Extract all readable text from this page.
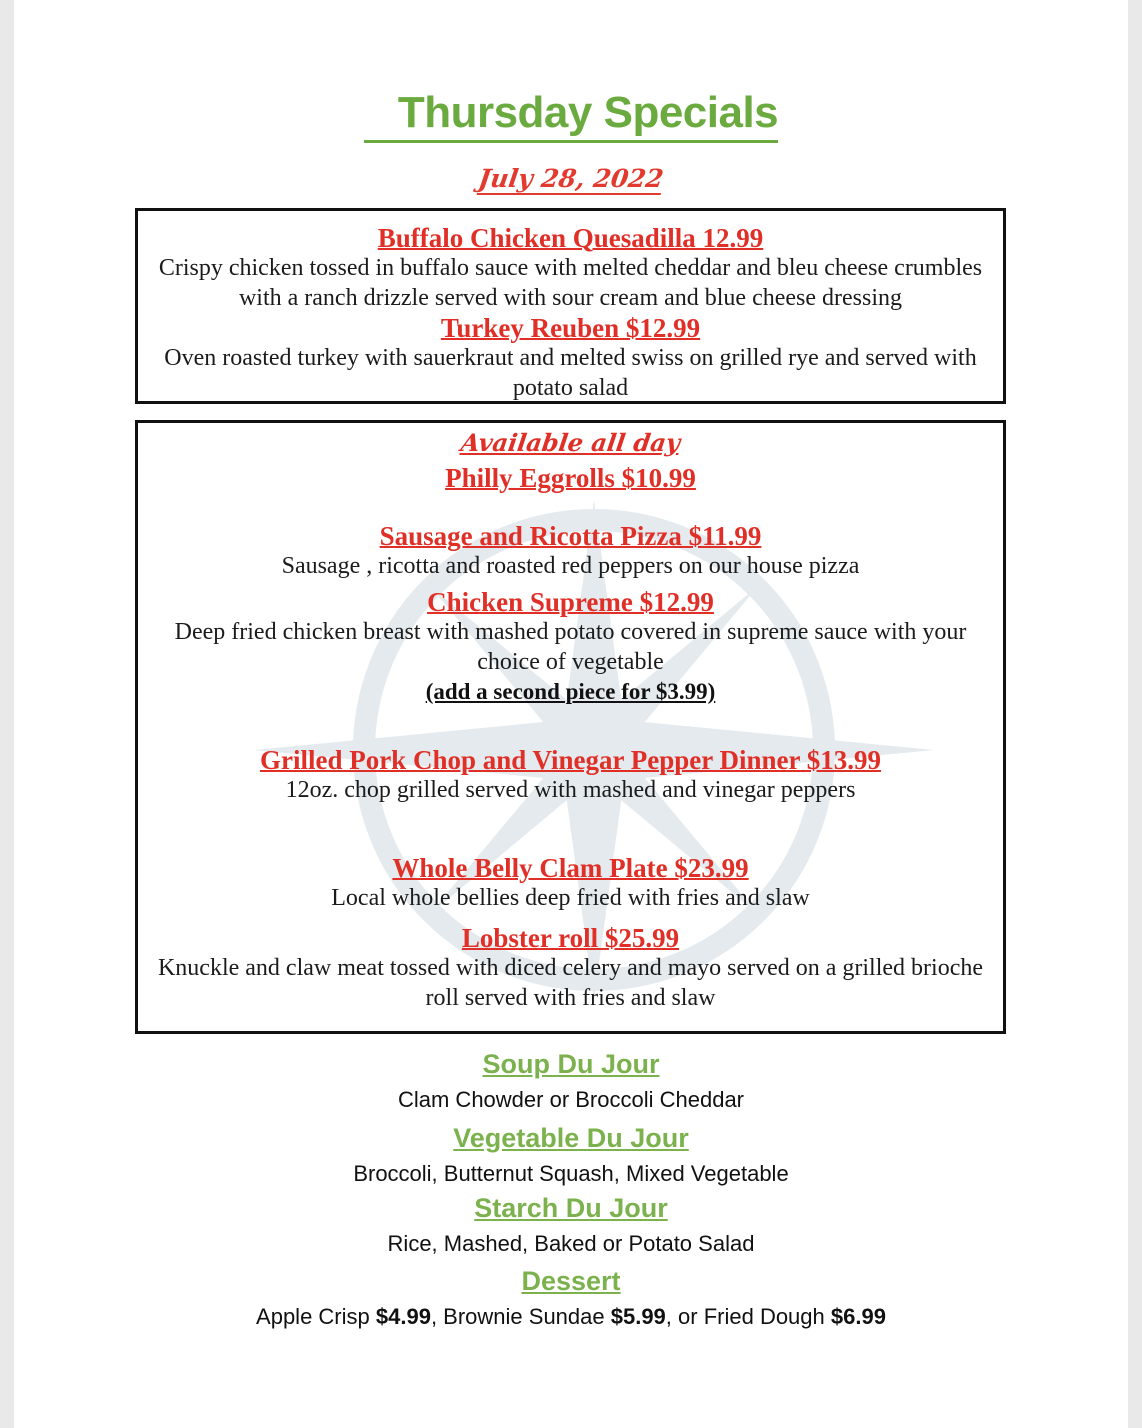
Thursday Specials
July 28, 2022
Buffalo Chicken Quesadilla 12.99
Crispy chicken tossed in buffalo sauce with melted cheddar and bleu cheese crumbles with a ranch drizzle served with sour cream and blue cheese dressing
Turkey Reuben $12.99
Oven roasted turkey with sauerkraut and melted swiss on grilled rye and served with potato salad
Available all day
Philly Eggrolls $10.99
Sausage and Ricotta Pizza $11.99
Sausage , ricotta and roasted red peppers on our house pizza
Chicken Supreme $12.99
Deep fried chicken breast with mashed potato covered in supreme sauce with your choice of vegetable
(add a second piece for $3.99)
Grilled Pork Chop and Vinegar Pepper Dinner $13.99
12oz. chop grilled served with mashed and vinegar peppers
Whole Belly Clam Plate $23.99
Local whole bellies deep fried with fries and slaw
Lobster roll $25.99
Knuckle and claw meat tossed with diced celery and mayo served on a grilled brioche roll served with fries and slaw
Soup Du Jour
Clam Chowder or Broccoli Cheddar
Vegetable Du Jour
Broccoli, Butternut Squash, Mixed Vegetable
Starch Du Jour
Rice, Mashed, Baked or Potato Salad
Dessert
Apple Crisp $4.99, Brownie Sundae $5.99, or Fried Dough $6.99
